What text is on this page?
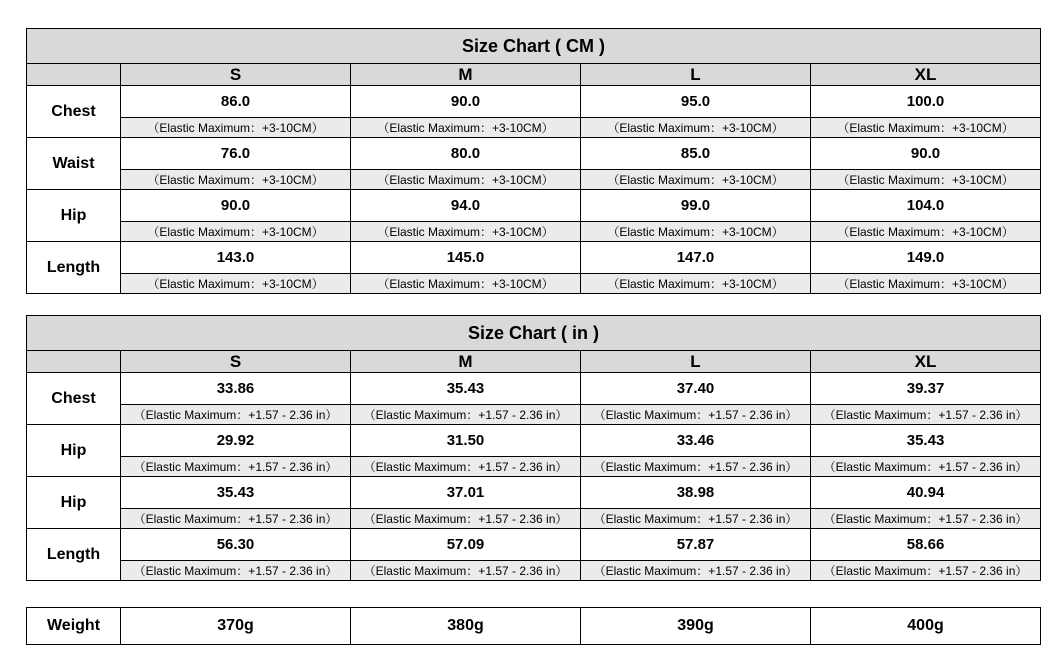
Size Chart ( CM )				
	S	M	L	XL
Chest	86.0	90.0	95.0	100.0
	（Elastic Maximum：+3-10CM）	（Elastic Maximum：+3-10CM）	（Elastic Maximum：+3-10CM）	（Elastic Maximum：+3-10CM）
Waist	76.0	80.0	85.0	90.0
	（Elastic Maximum：+3-10CM）	（Elastic Maximum：+3-10CM）	（Elastic Maximum：+3-10CM）	（Elastic Maximum：+3-10CM）
Hip	90.0	94.0	99.0	104.0
	（Elastic Maximum：+3-10CM）	（Elastic Maximum：+3-10CM）	（Elastic Maximum：+3-10CM）	（Elastic Maximum：+3-10CM）
Length	143.0	145.0	147.0	149.0
	（Elastic Maximum：+3-10CM）	（Elastic Maximum：+3-10CM）	（Elastic Maximum：+3-10CM）	（Elastic Maximum：+3-10CM）
Size Chart ( in )				
	S	M	L	XL
Chest	33.86	35.43	37.40	39.37
	（Elastic Maximum：+1.57 - 2.36 in）	（Elastic Maximum：+1.57 - 2.36 in）	（Elastic Maximum：+1.57 - 2.36 in）	（Elastic Maximum：+1.57 - 2.36 in）
Hip	29.92	31.50	33.46	35.43
	（Elastic Maximum：+1.57 - 2.36 in）	（Elastic Maximum：+1.57 - 2.36 in）	（Elastic Maximum：+1.57 - 2.36 in）	（Elastic Maximum：+1.57 - 2.36 in）
Hip	35.43	37.01	38.98	40.94
	（Elastic Maximum：+1.57 - 2.36 in）	（Elastic Maximum：+1.57 - 2.36 in）	（Elastic Maximum：+1.57 - 2.36 in）	（Elastic Maximum：+1.57 - 2.36 in）
Length	56.30	57.09	57.87	58.66
	（Elastic Maximum：+1.57 - 2.36 in）	（Elastic Maximum：+1.57 - 2.36 in）	（Elastic Maximum：+1.57 - 2.36 in）	（Elastic Maximum：+1.57 - 2.36 in）
Weight	370g	380g	390g	400g
